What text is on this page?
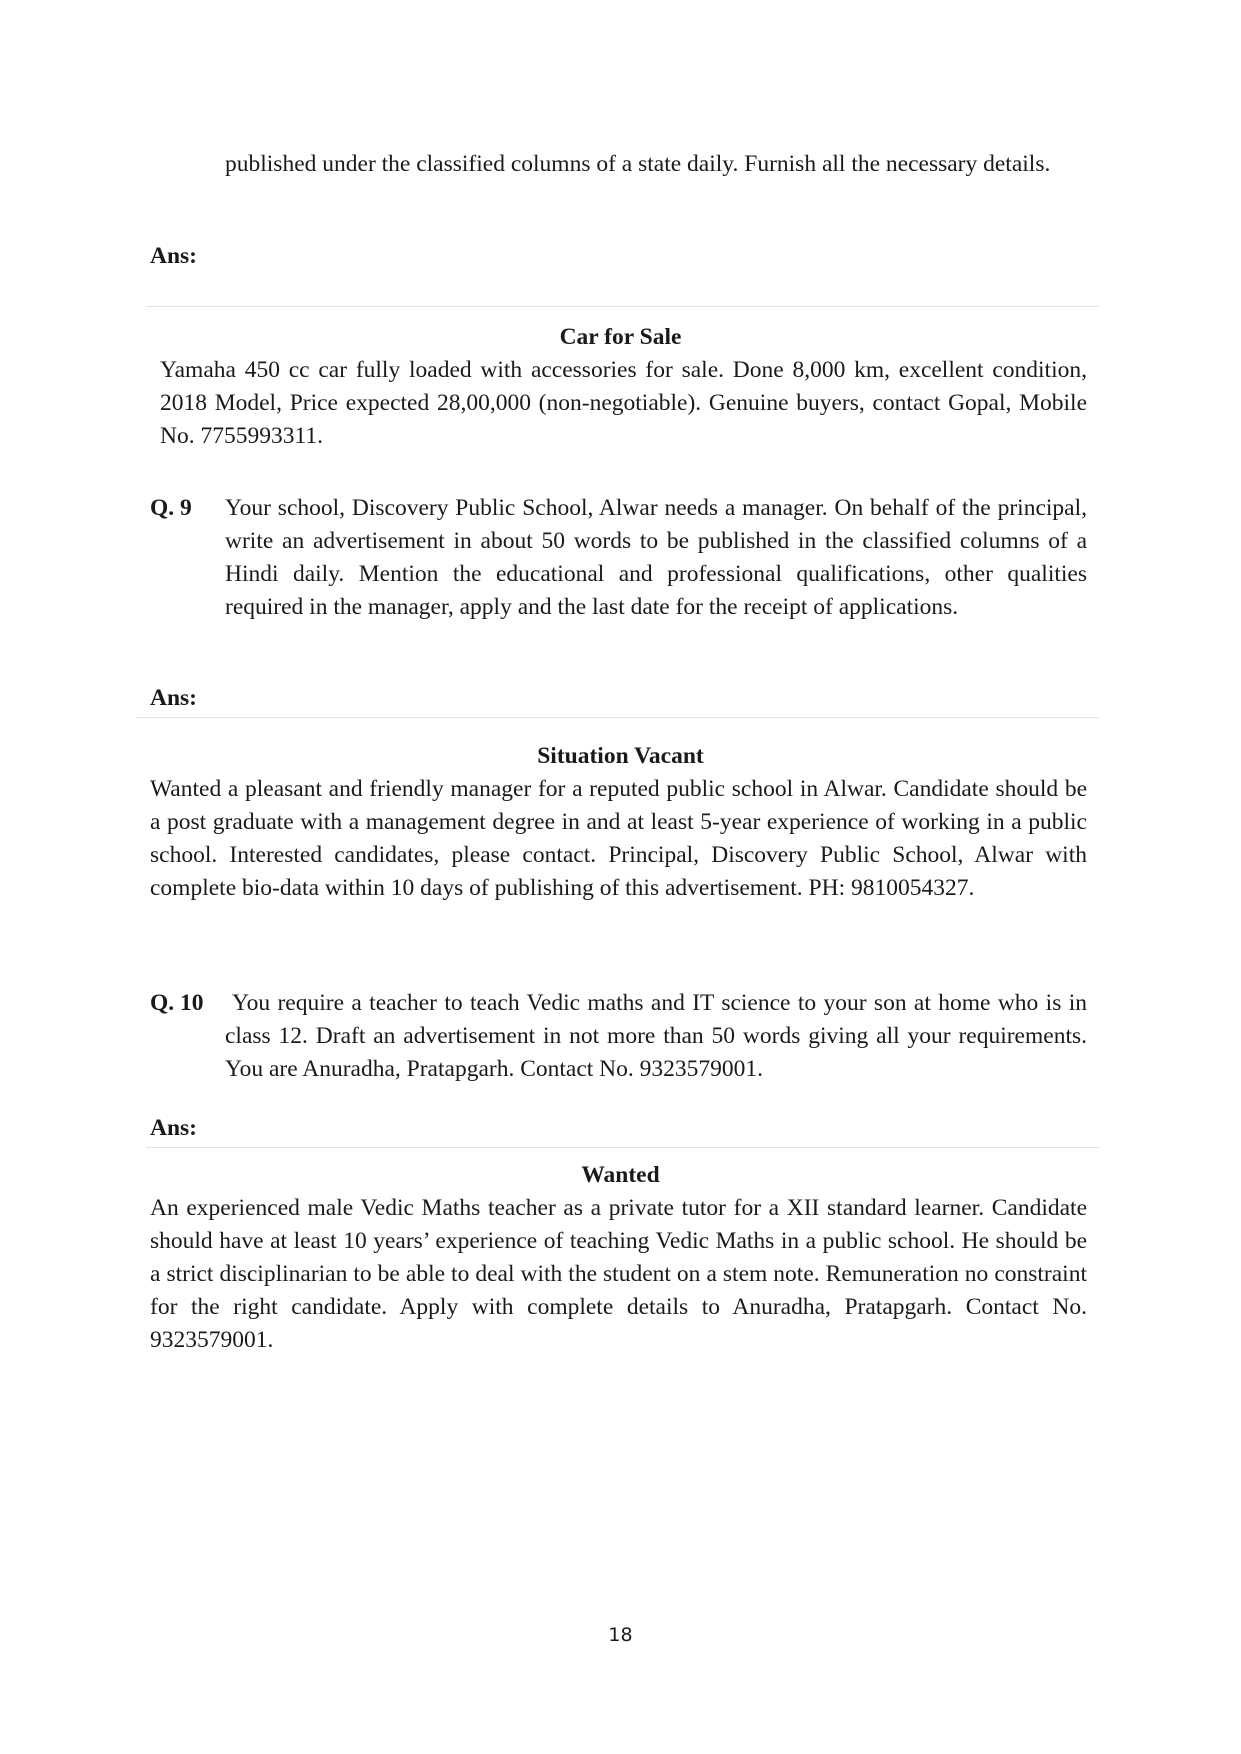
published under the classified columns of a state daily. Furnish all the necessary details.

Ans:

Car for Sale

Yamaha 450 cc car fully loaded with accessories for sale. Done 8,000 km, excellent condition, 2018 Model, Price expected 28,00,000 (non-negotiable). Genuine buyers, contact Gopal, Mobile No. 7755993311.

Q. 9 Your school, Discovery Public School, Alwar needs a manager. On behalf of the principal, write an advertisement in about 50 words to be published in the classified columns of a Hindi daily. Mention the educational and professional qualifications, other qualities required in the manager, apply and the last date for the receipt of applications.

Ans:

Situation Vacant

Wanted a pleasant and friendly manager for a reputed public school in Alwar. Candidate should be a post graduate with a management degree in and at least 5-year experience of working in a public school. Interested candidates, please contact. Principal, Discovery Public School, Alwar with complete bio-data within 10 days of publishing of this advertisement. PH: 9810054327.

Q. 10 You require a teacher to teach Vedic maths and IT science to your son at home who is in class 12. Draft an advertisement in not more than 50 words giving all your requirements. You are Anuradha, Pratapgarh. Contact No. 9323579001.

Ans:

Wanted

An experienced male Vedic Maths teacher as a private tutor for a XII standard learner. Candidate should have at least 10 years’ experience of teaching Vedic Maths in a public school. He should be a strict disciplinarian to be able to deal with the student on a stem note. Remuneration no constraint for the right candidate. Apply with complete details to Anuradha, Pratapgarh. Contact No. 9323579001.

18
